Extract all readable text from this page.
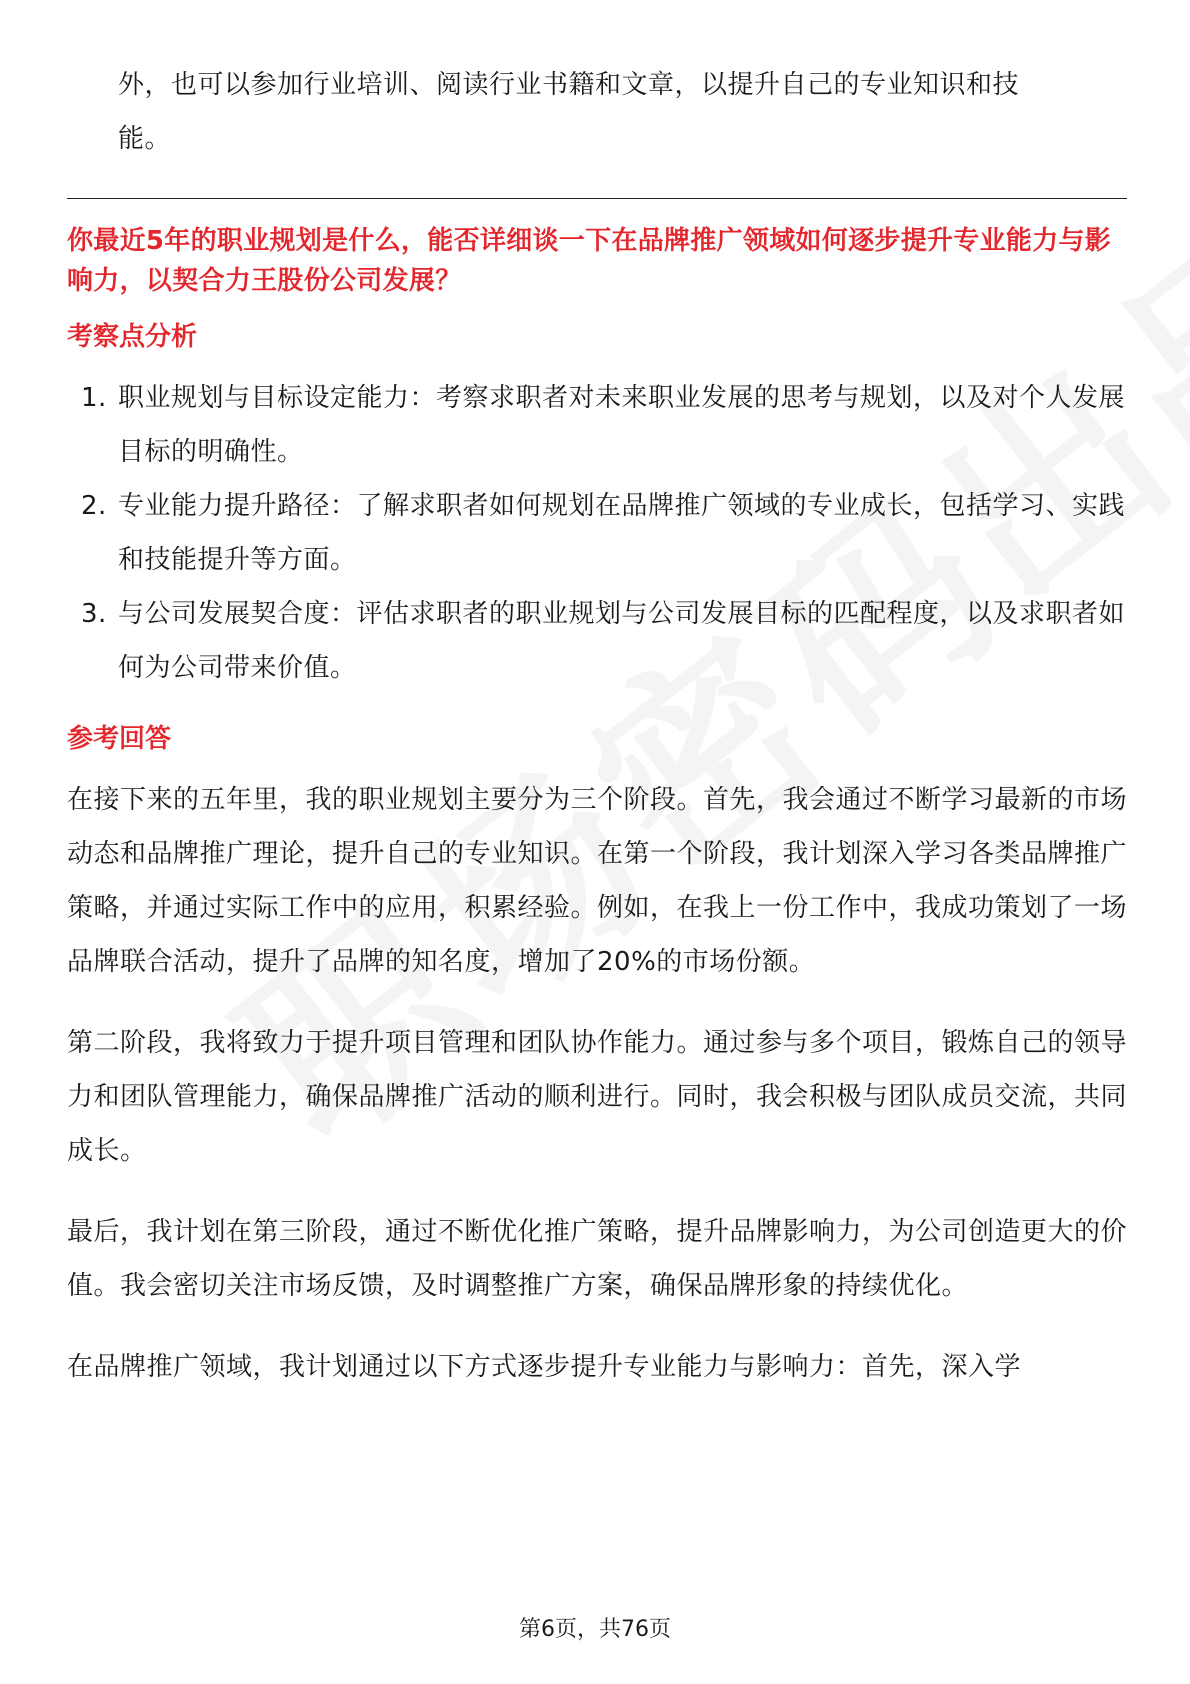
外，也可以参加行业培训、阅读行业书籍和文章，以提升自己的专业知识和技

能。

你最近5年的职业规划是什么，能否详细谈一下在品牌推广领域如何逐步提升专业能力与影响力，以契合力王股份公司发展？

考察点分析

1. 职业规划与目标设定能力：考察求职者对未来职业发展的思考与规划，以及对个人发展目标的明确性。
2. 专业能力提升路径：了解求职者如何规划在品牌推广领域的专业成长，包括学习、实践和技能提升等方面。
3. 与公司发展契合度：评估求职者的职业规划与公司发展目标的匹配程度，以及求职者如何为公司带来价值。

参考回答

在接下来的五年里，我的职业规划主要分为三个阶段。首先，我会通过不断学习最新的市场动态和品牌推广理论，提升自己的专业知识。在第一个阶段，我计划深入学习各类品牌推广策略，并通过实际工作中的应用，积累经验。例如，在我上一份工作中，我成功策划了一场品牌联合活动，提升了品牌的知名度，增加了20%的市场份额。

第二阶段，我将致力于提升项目管理和团队协作能力。通过参与多个项目，锻炼自己的领导力和团队管理能力，确保品牌推广活动的顺利进行。同时，我会积极与团队成员交流，共同成长。

最后，我计划在第三阶段，通过不断优化推广策略，提升品牌影响力，为公司创造更大的价值。我会密切关注市场反馈，及时调整推广方案，确保品牌形象的持续优化。

在品牌推广领域，我计划通过以下方式逐步提升专业能力与影响力：首先，深入学

第6页，共76页
